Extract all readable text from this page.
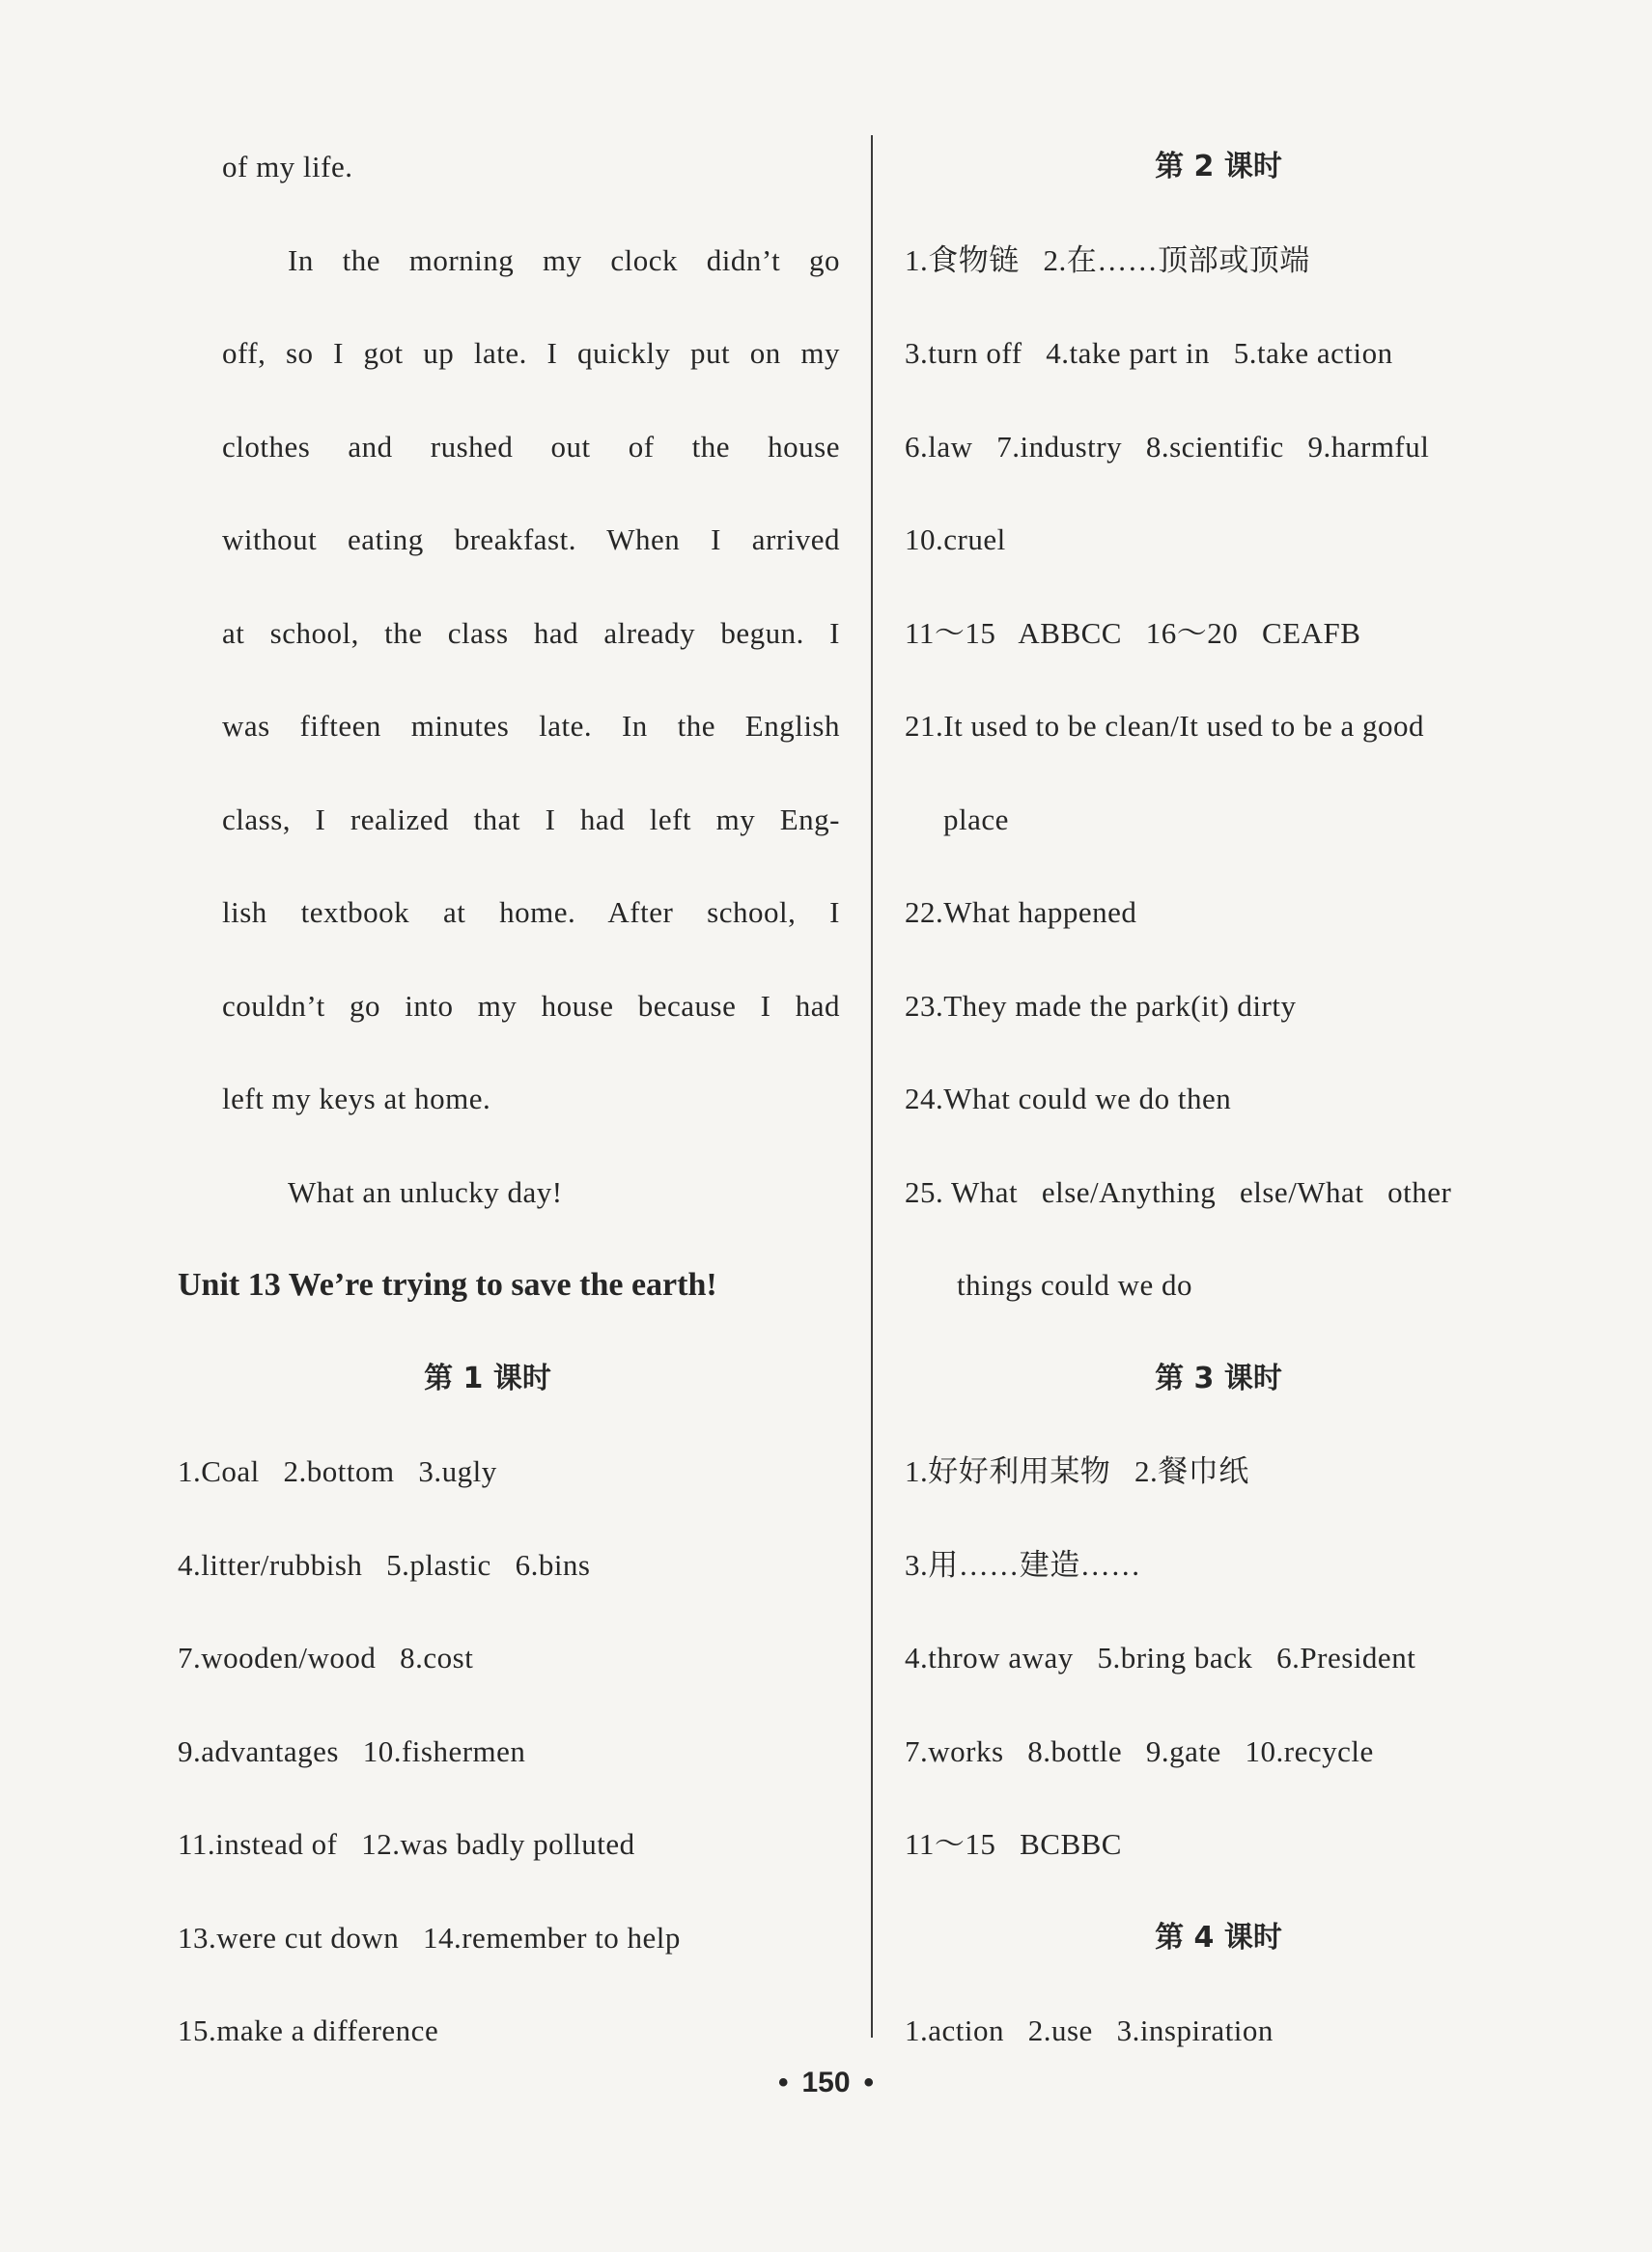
of my life.
In the morning my clock didn’t go
off, so I got up late. I quickly put on my
clothes and rushed out of the house
without eating breakfast. When I arrived
at school, the class had already begun. I
was fifteen minutes late. In the English
class, I realized that I had left my Eng-
lish textbook at home. After school, I
couldn’t go into my house because I had
left my keys at home.
What an unlucky day!
Unit 13 We’re trying to save the earth!
第 1 课时
1.Coal   2.bottom   3.ugly
4.litter/rubbish   5.plastic   6.bins
7.wooden/wood   8.cost
9.advantages   10.fishermen
11.instead of   12.was badly polluted
13.were cut down   14.remember to help
15.make a difference
第 2 课时
1.食物链   2.在……顶部或顶端
3.turn off   4.take part in   5.take action
6.law   7.industry   8.scientific   9.harmful
10.cruel
11～15   ABBCC   16～20   CEAFB
21.It used to be clean/It used to be a good
place
22.What happened
23.They made the park(it) dirty
24.What could we do then
25. What   else/Anything   else/What   other
things could we do
第 3 课时
1.好好利用某物   2.餐巾纸
3.用……建造……
4.throw away   5.bring back   6.President
7.works   8.bottle   9.gate   10.recycle
11～15   BCBBC
第 4 课时
1.action   2.use   3.inspiration
• 150 •
